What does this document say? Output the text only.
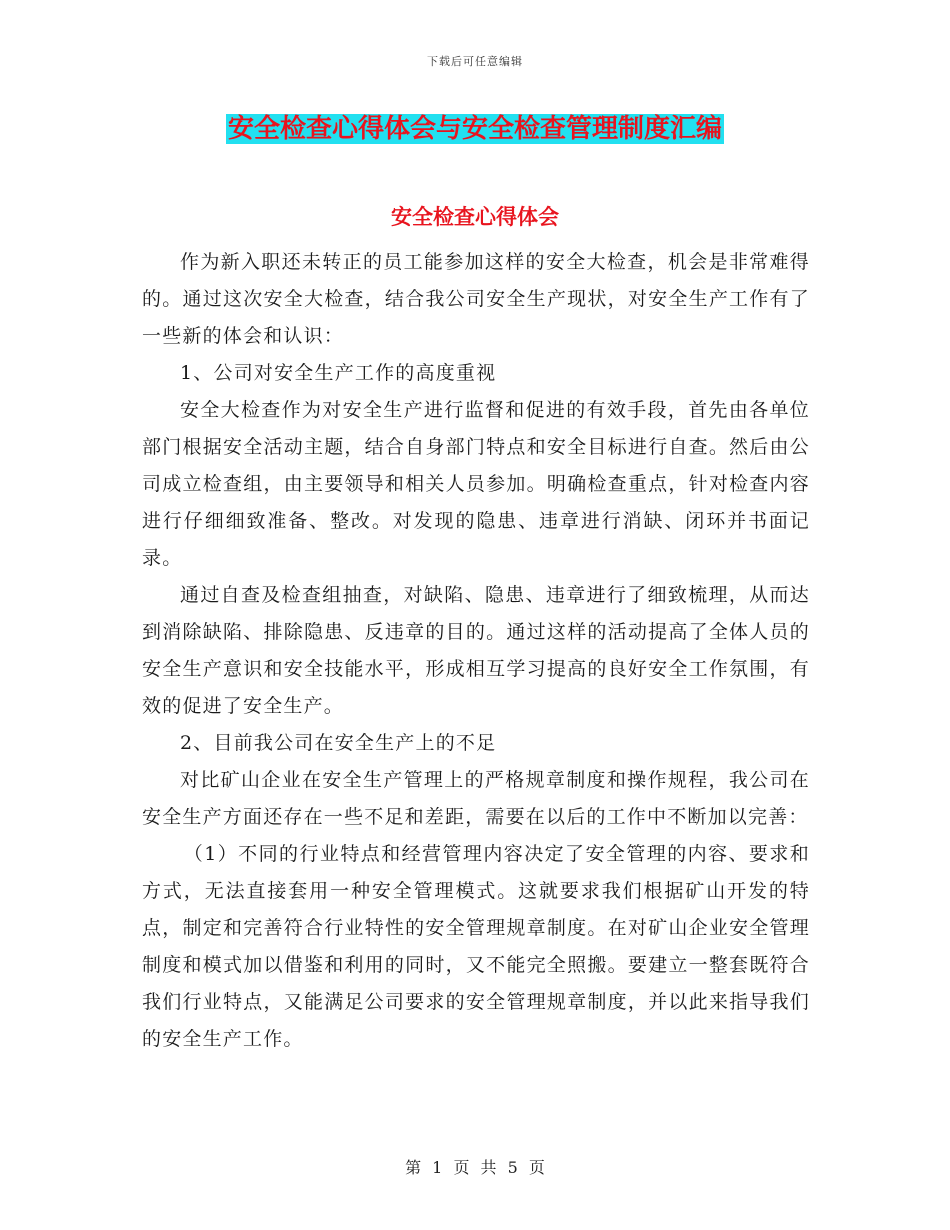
下载后可任意编辑
安全检查心得体会与安全检查管理制度汇编
安全检查心得体会

作为新入职还未转正的员工能参加这样的安全大检查，机会是非常难得的。通过这次安全大检查，结合我公司安全生产现状，对安全生产工作有了一些新的体会和认识：

1、公司对安全生产工作的高度重视

安全大检查作为对安全生产进行监督和促进的有效手段，首先由各单位部门根据安全活动主题，结合自身部门特点和安全目标进行自查。然后由公司成立检查组，由主要领导和相关人员参加。明确检查重点，针对检查内容进行仔细细致准备、整改。对发现的隐患、违章进行消缺、闭环并书面记录。

通过自查及检查组抽查，对缺陷、隐患、违章进行了细致梳理，从而达到消除缺陷、排除隐患、反违章的目的。通过这样的活动提高了全体人员的安全生产意识和安全技能水平，形成相互学习提高的良好安全工作氛围，有效的促进了安全生产。

2、目前我公司在安全生产上的不足

对比矿山企业在安全生产管理上的严格规章制度和操作规程，我公司在安全生产方面还存在一些不足和差距，需要在以后的工作中不断加以完善：

（1）不同的行业特点和经营管理内容决定了安全管理的内容、要求和方式，无法直接套用一种安全管理模式。这就要求我们根据矿山开发的特点，制定和完善符合行业特性的安全管理规章制度。在对矿山企业安全管理制度和模式加以借鉴和利用的同时，又不能完全照搬。要建立一整套既符合我们行业特点，又能满足公司要求的安全管理规章制度，并以此来指导我们的安全生产工作。

第 1 页 共 5 页
